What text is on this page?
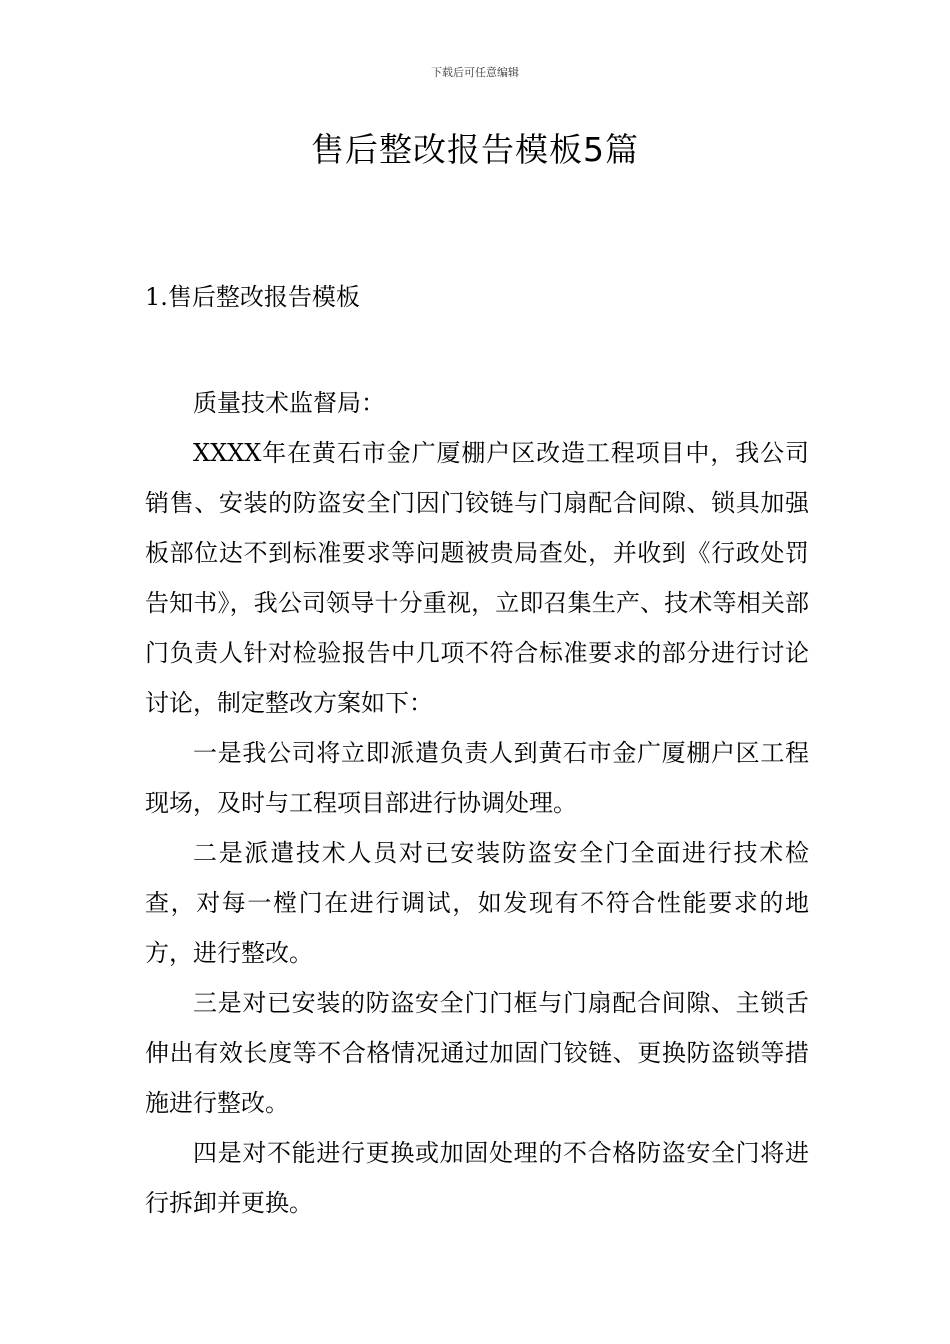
下载后可任意编辑
售后整改报告模板5篇
1.售后整改报告模板

质量技术监督局：

XXXX年在黄石市金广厦棚户区改造工程项目中，我公司销售、安装的防盗安全门因门铰链与门扇配合间隙、锁具加强板部位达不到标准要求等问题被贵局查处，并收到《行政处罚告知书》，我公司领导十分重视，立即召集生产、技术等相关部门负责人针对检验报告中几项不符合标准要求的部分进行讨论讨论，制定整改方案如下：

一是我公司将立即派遣负责人到黄石市金广厦棚户区工程现场，及时与工程项目部进行协调处理。

二是派遣技术人员对已安装防盗安全门全面进行技术检查，对每一樘门在进行调试，如发现有不符合性能要求的地方，进行整改。

三是对已安装的防盗安全门门框与门扇配合间隙、主锁舌伸出有效长度等不合格情况通过加固门铰链、更换防盗锁等措施进行整改。

四是对不能进行更换或加固处理的不合格防盗安全门将进行拆卸并更换。
